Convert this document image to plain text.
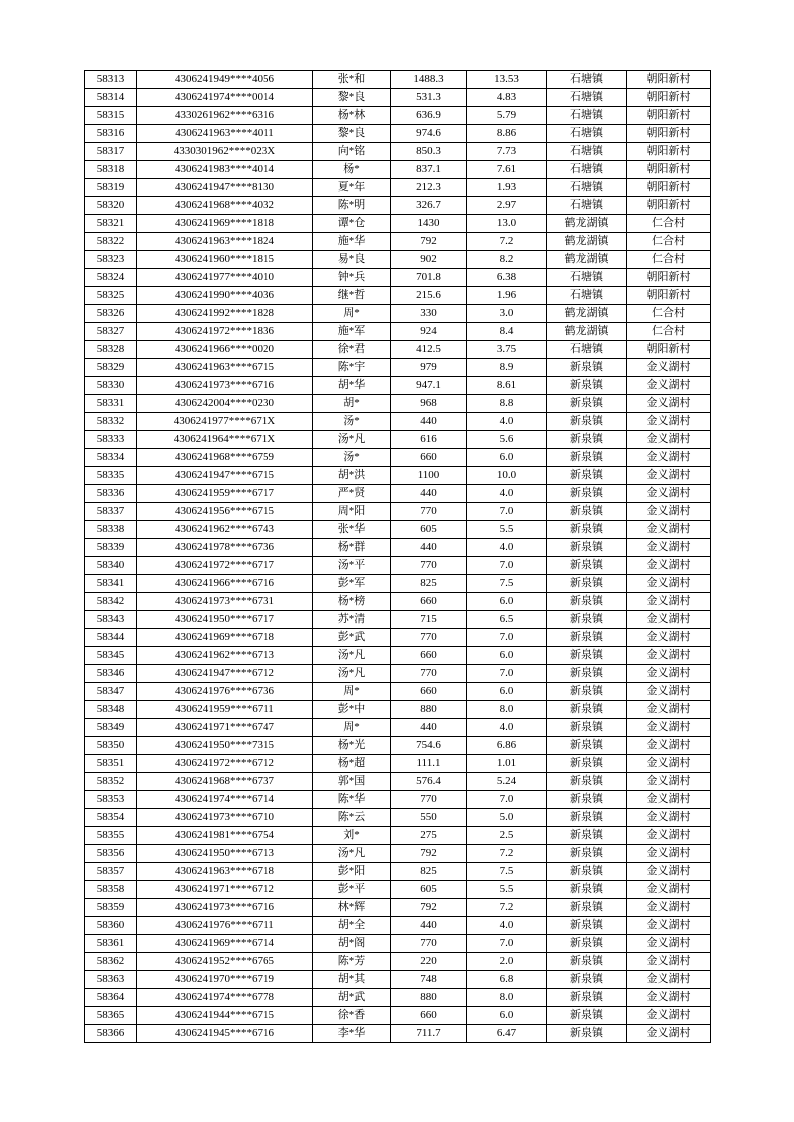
58313	4306241949****4056	张*和	1488.3	13.53	石塘镇	朝阳新村
58314	4306241974****0014	黎*良	531.3	4.83	石塘镇	朝阳新村
58315	4330261962****6316	杨*林	636.9	5.79	石塘镇	朝阳新村
58316	4306241963****4011	黎*良	974.6	8.86	石塘镇	朝阳新村
58317	4330301962****023X	向*铭	850.3	7.73	石塘镇	朝阳新村
58318	4306241983****4014	杨*	837.1	7.61	石塘镇	朝阳新村
58319	4306241947****8130	夏*年	212.3	1.93	石塘镇	朝阳新村
58320	4306241968****4032	陈*明	326.7	2.97	石塘镇	朝阳新村
58321	4306241969****1818	谭*仓	1430	13.0	鹤龙湖镇	仁合村
58322	4306241963****1824	施*华	792	7.2	鹤龙湖镇	仁合村
58323	4306241960****1815	易*良	902	8.2	鹤龙湖镇	仁合村
58324	4306241977****4010	钟*兵	701.8	6.38	石塘镇	朝阳新村
58325	4306241990****4036	继*哲	215.6	1.96	石塘镇	朝阳新村
58326	4306241992****1828	周*	330	3.0	鹤龙湖镇	仁合村
58327	4306241972****1836	施*军	924	8.4	鹤龙湖镇	仁合村
58328	4306241966****0020	徐*君	412.5	3.75	石塘镇	朝阳新村
58329	4306241963****6715	陈*宇	979	8.9	新泉镇	金义湖村
58330	4306241973****6716	胡*华	947.1	8.61	新泉镇	金义湖村
58331	4306242004****0230	胡*	968	8.8	新泉镇	金义湖村
58332	4306241977****671X	汤*	440	4.0	新泉镇	金义湖村
58333	4306241964****671X	汤*凡	616	5.6	新泉镇	金义湖村
58334	4306241968****6759	汤*	660	6.0	新泉镇	金义湖村
58335	4306241947****6715	胡*洪	1100	10.0	新泉镇	金义湖村
58336	4306241959****6717	严*贤	440	4.0	新泉镇	金义湖村
58337	4306241956****6715	周*阳	770	7.0	新泉镇	金义湖村
58338	4306241962****6743	张*华	605	5.5	新泉镇	金义湖村
58339	4306241978****6736	杨*群	440	4.0	新泉镇	金义湖村
58340	4306241972****6717	汤*平	770	7.0	新泉镇	金义湖村
58341	4306241966****6716	彭*军	825	7.5	新泉镇	金义湖村
58342	4306241973****6731	杨*榜	660	6.0	新泉镇	金义湖村
58343	4306241950****6717	苏*清	715	6.5	新泉镇	金义湖村
58344	4306241969****6718	彭*武	770	7.0	新泉镇	金义湖村
58345	4306241962****6713	汤*凡	660	6.0	新泉镇	金义湖村
58346	4306241947****6712	汤*凡	770	7.0	新泉镇	金义湖村
58347	4306241976****6736	周*	660	6.0	新泉镇	金义湖村
58348	4306241959****6711	彭*中	880	8.0	新泉镇	金义湖村
58349	4306241971****6747	周*	440	4.0	新泉镇	金义湖村
58350	4306241950****7315	杨*光	754.6	6.86	新泉镇	金义湖村
58351	4306241972****6712	杨*超	111.1	1.01	新泉镇	金义湖村
58352	4306241968****6737	郭*国	576.4	5.24	新泉镇	金义湖村
58353	4306241974****6714	陈*华	770	7.0	新泉镇	金义湖村
58354	4306241973****6710	陈*云	550	5.0	新泉镇	金义湖村
58355	4306241981****6754	刘*	275	2.5	新泉镇	金义湖村
58356	4306241950****6713	汤*凡	792	7.2	新泉镇	金义湖村
58357	4306241963****6718	彭*阳	825	7.5	新泉镇	金义湖村
58358	4306241971****6712	彭*平	605	5.5	新泉镇	金义湖村
58359	4306241973****6716	林*辉	792	7.2	新泉镇	金义湖村
58360	4306241976****6711	胡*全	440	4.0	新泉镇	金义湖村
58361	4306241969****6714	胡*阁	770	7.0	新泉镇	金义湖村
58362	4306241952****6765	陈*芳	220	2.0	新泉镇	金义湖村
58363	4306241970****6719	胡*其	748	6.8	新泉镇	金义湖村
58364	4306241974****6778	胡*武	880	8.0	新泉镇	金义湖村
58365	4306241944****6715	徐*香	660	6.0	新泉镇	金义湖村
58366	4306241945****6716	李*华	711.7	6.47	新泉镇	金义湖村
